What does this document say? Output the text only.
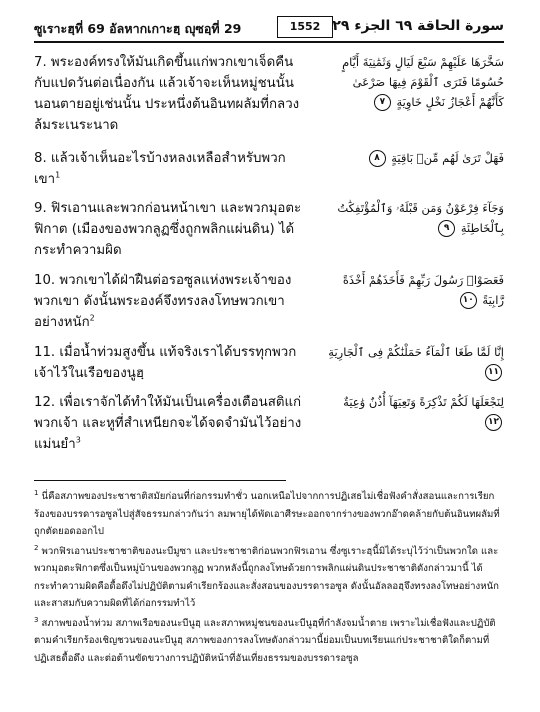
ซูเราะฮฺที่ 69 อัลหากเกาะฮฺ ญุซอฺที่ 29	1552 سورة الحاقة ٦٩ الجزء ٢٩
7. พระองค์ทรงให้มันเกิดขึ้นแก่พวกเขาเจ็ดคืนกับแปดวันต่อเนื่องกัน แล้วเจ้าจะเห็นหมู่ชนนั้นนอนตายอยู่เช่นนั้น ประหนึ่งต้นอินทผลัมที่กลวงล้มระเนระนาด
سَخَّرَهَا عَلَيْهِمْ سَبْعَ لَيَالٍ وَثَمَٰنِيَةَ أَيَّامٍ حُسُومًا فَتَرَى ٱلْقَوْمَ فِيهَا صَرْعَىٰ كَأَنَّهُمْ أَعْجَازُ نَخْلٍ خَاوِيَةٍ ٧
8. แล้วเจ้าเห็นอะไรบ้างหลงเหลือสำหรับพวกเขา$^1$
فَهَلْ تَرَىٰ لَهُم مِّنۢ بَاقِيَةٍ ٨
9. ฟิรเอานและพวกก่อนหน้าเขา และพวกมุอตะฟิกาต (เมืองของพวกลูฏซึ่งถูกพลิกแผ่นดิน) ได้กระทำความผิด
وَجَآءَ فِرْعَوْنُ وَمَن قَبْلَهُۥ وَٱلْمُؤْتَفِكَٰتُ بِٱلْخَاطِئَةِ ٩
10. พวกเขาได้ฝ่าฝืนต่อรอซูลแห่งพระเจ้าของพวกเขา ดังนั้นพระองค์จึงทรงลงโทษพวกเขาอย่างหนัก$^2$
فَعَصَوْا۟ رَسُولَ رَبِّهِمْ فَأَخَذَهُمْ أَخْذَةً رَّابِيَةً ١٠
11. เมื่อน้ำท่วมสูงขึ้น แท้จริงเราได้บรรทุกพวกเจ้าไว้ในเรือของนูฮฺ
إِنَّا لَمَّا طَغَا ٱلْمَآءُ حَمَلْنَٰكُمْ فِى ٱلْجَارِيَةِ ١١
12. เพื่อเราจักได้ทำให้มันเป็นเครื่องเตือนสติแก่พวกเจ้า และหูที่สำเหนียกจะได้จดจำมันไว้อย่างแม่นยำ$^3$
لِنَجْعَلَهَا لَكُمْ تَذْكِرَةً وَتَعِيَهَآ أُذُنٌ وَٰعِيَةٌ ١٢
$^1$ นี่คือสภาพของประชาชาติสมัยก่อนที่ก่อกรรมทำชั่ว นอกเหนือไปจากการปฏิเสธไม่เชื่อฟังคำสั่งสอนและการเรียกร้องของบรรดารอซูลไปสู่สัจธรรมกล่าวกันว่า ลมพายุได้พัดเอาศีรษะออกจากร่างของพวกอ๊าดคล้ายกับต้นอินทผลัมที่ถูกตัดยอดออกไป
$^2$ พวกฟิรเอานประชาชาติของนะบีมูซา และประชาชาติก่อนพวกฟิรเอาน ซึ่งซูเราะฮฺนี้มิได้ระบุไว้ว่าเป็นพวกใด และพวกมุอตะฟิกาตซึ่งเป็นหมู่บ้านของพวกลูฏ พวกหลังนี้ถูกลงโทษด้วยการพลิกแผ่นดินประชาชาติดังกล่าวมานี้ ได้กระทำความผิดคือดื้อดึงไม่ปฏิบัติตามคำเรียกร้องและสั่งสอนของบรรดารอซูล ดังนั้นอัลลอฮฺจึงทรงลงโทษอย่างหนักและสาสมกับความผิดที่ได้ก่อกรรมทำไว้
$^3$ สภาพของน้ำท่วม สภาพเรือของนะบีนูฮฺ และสภาพหมู่ชนของนะบีนูฮฺที่กำลังจมน้ำตาย เพราะไม่เชื่อฟังและปฏิบัติตามคำเรียกร้องเชิญชวนของนะบีนูฮฺ สภาพของการลงโทษดังกล่าวมานี้ย่อมเป็นบทเรียนแก่ประชาชาติใดก็ตามที่ปฏิเสธดื้อดึง และต่อต้านขัดขวางการปฏิบัติหน้าที่อันเที่ยงธรรมของบรรดารอซูล
